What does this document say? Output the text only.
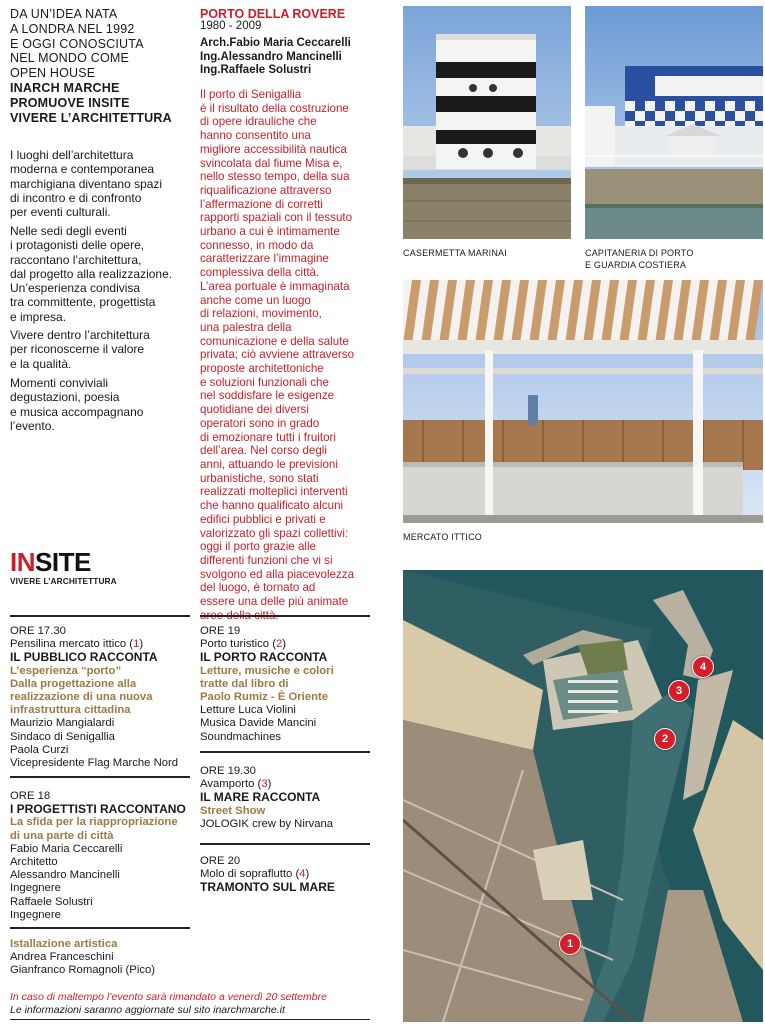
DA UN’IDEA NATA
A LONDRA NEL 1992
E OGGI CONOSCIUTA
NEL MONDO COME
OPEN HOUSE
INARCH MARCHE
PROMUOVE INSITE
VIVERE L’ARCHITETTURA

I luoghi dell’architettura
moderna e contemporanea
marchigiana diventano spazi
di incontro e di confronto
per eventi culturali.

Nelle sedi degli eventi
i protagonisti delle opere,
raccontano l’architettura,
dal progetto alla realizzazione.
Un’esperienza condivisa
tra committente, progettista
e impresa.

Vivere dentro l’architettura
per riconoscerne il valore
e la qualità.

Momenti conviviali
degustazioni, poesia
e musica accompagnano
l’evento.

INSITE
VIVERE L’ARCHITETTURA
PORTO DELLA ROVERE
1980 - 2009
Arch.Fabio Maria Ceccarelli
Ing.Alessandro Mancinelli
Ing.Raffaele Solustri
Il porto di Senigallia
è il risultato della costruzione
di opere idrauliche che
hanno consentito una
migliore accessibilità nautica
svincolata dal fiume Misa e,
nello stesso tempo, della sua
riqualificazione attraverso
l’affermazione di corretti
rapporti spaziali con il tessuto
urbano a cui è intimamente
connesso, in modo da
caratterizzare l’immagine
complessiva della città.
L’area portuale è immaginata
anche come un luogo
di relazioni, movimento,
una palestra della
comunicazione e della salute
privata; ciò avviene attraverso
proposte architettoniche
e soluzioni funzionali che
nel soddisfare le esigenze
quotidiane dei diversi
operatori sono in grado
di emozionare tutti i fruitori
dell’area. Nel corso degli
anni, attuando le previsioni
urbanistiche, sono stati
realizzati molteplici interventi
che hanno qualificato alcuni
edifici pubblici e privati e
valorizzato gli spazi collettivi:
oggi il porto grazie alle
differenti funzioni che vi si
svolgono ed alla piacevolezza
del luogo, è tornato ad
essere una delle più animate
ORE 17.30
Pensilina mercato ittico (1)
IL PUBBLICO RACCONTA
L’esperienza “porto”
Dalla progettazione alla
realizzazione di una nuova
infrastruttura cittadina
Maurizio Mangialardi
Sindaco di Senigallia
Paola Curzi
Vicepresidente Flag Marche Nord
ORE 18
I PROGETTISTI RACCONTANO
La sfida per la riappropriazione
di una parte di città
Fabio Maria Ceccarelli
Architetto
Alessandro Mancinelli
Ingegnere
Raffaele Solustri
Ingegnere
Istallazione artistica
Andrea Franceschini
Gianfranco Romagnoli (Pico)
ORE 19
Porto turistico (2)
IL PORTO RACCONTA
Letture, musiche e colori
tratte dal libro di
Paolo Rumiz - È Oriente
Letture Luca Violini
Musica Davide Mancini
Soundmachines
ORE 19.30
Avamporto (3)
IL MARE RACCONTA
Street Show
JOLOGIK crew by Nirvana
ORE 20
Molo di sopraflutto (4)
TRAMONTO SUL MARE
In caso di maltempo l’evento sarà rimandato a venerdì 20 settembre
Le informazioni saranno aggiornate sul sito inarchmarche.it
CASERMETTA MARINAI	CAPITANERIA DI PORTO
E GUARDIA COSTIERA
MERCATO ITTICO
1
2
3
4
